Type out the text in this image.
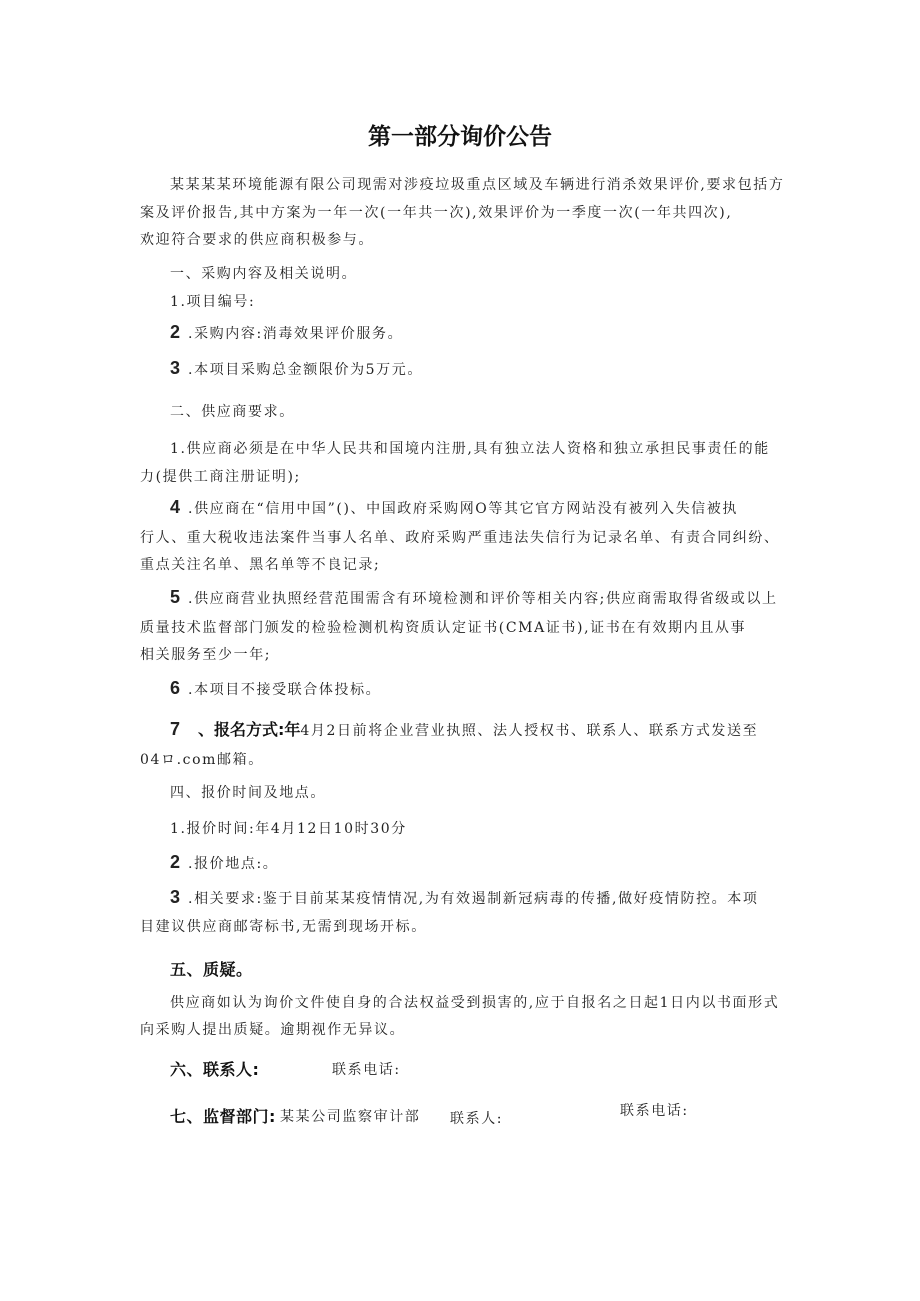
第一部分询价公告
某某某某环境能源有限公司现需对涉疫垃圾重点区域及车辆进行消杀效果评价,要求包括方
案及评价报告,其中方案为一年一次(一年共一次),效果评价为一季度一次(一年共四次),
欢迎符合要求的供应商积极参与。
一、采购内容及相关说明。
1.项目编号:
2 .采购内容:消毒效果评价服务。
3 .本项目采购总金额限价为5万元。
二、供应商要求。
1.供应商必须是在中华人民共和国境内注册,具有独立法人资格和独立承担民事责任的能
力(提供工商注册证明);
4 .供应商在“信用中国”()、中国政府采购网O等其它官方网站没有被列入失信被执
行人、重大税收违法案件当事人名单、政府采购严重违法失信行为记录名单、有责合同纠纷、
重点关注名单、黑名单等不良记录;
5 .供应商营业执照经营范围需含有环境检测和评价等相关内容;供应商需取得省级或以上
质量技术监督部门颁发的检验检测机构资质认定证书(CMA证书),证书在有效期内且从事
相关服务至少一年;
6 .本项目不接受联合体投标。
7 、报名方式:年4月2日前将企业营业执照、法人授权书、联系人、联系方式发送至
04ロ.com邮箱。
四、报价时间及地点。
1.报价时间:年4月12日10时30分
2 .报价地点:。
3 .相关要求:鉴于目前某某疫情情况,为有效遏制新冠病毒的传播,做好疫情防控。本项
目建议供应商邮寄标书,无需到现场开标。
五、质疑。
供应商如认为询价文件使自身的合法权益受到损害的,应于自报名之日起1日内以书面形式
向采购人提出质疑。逾期视作无异议。
六、联系人:	联系电话:
七、监督部门: 某某公司监察审计部 联系人:	联系电话:
